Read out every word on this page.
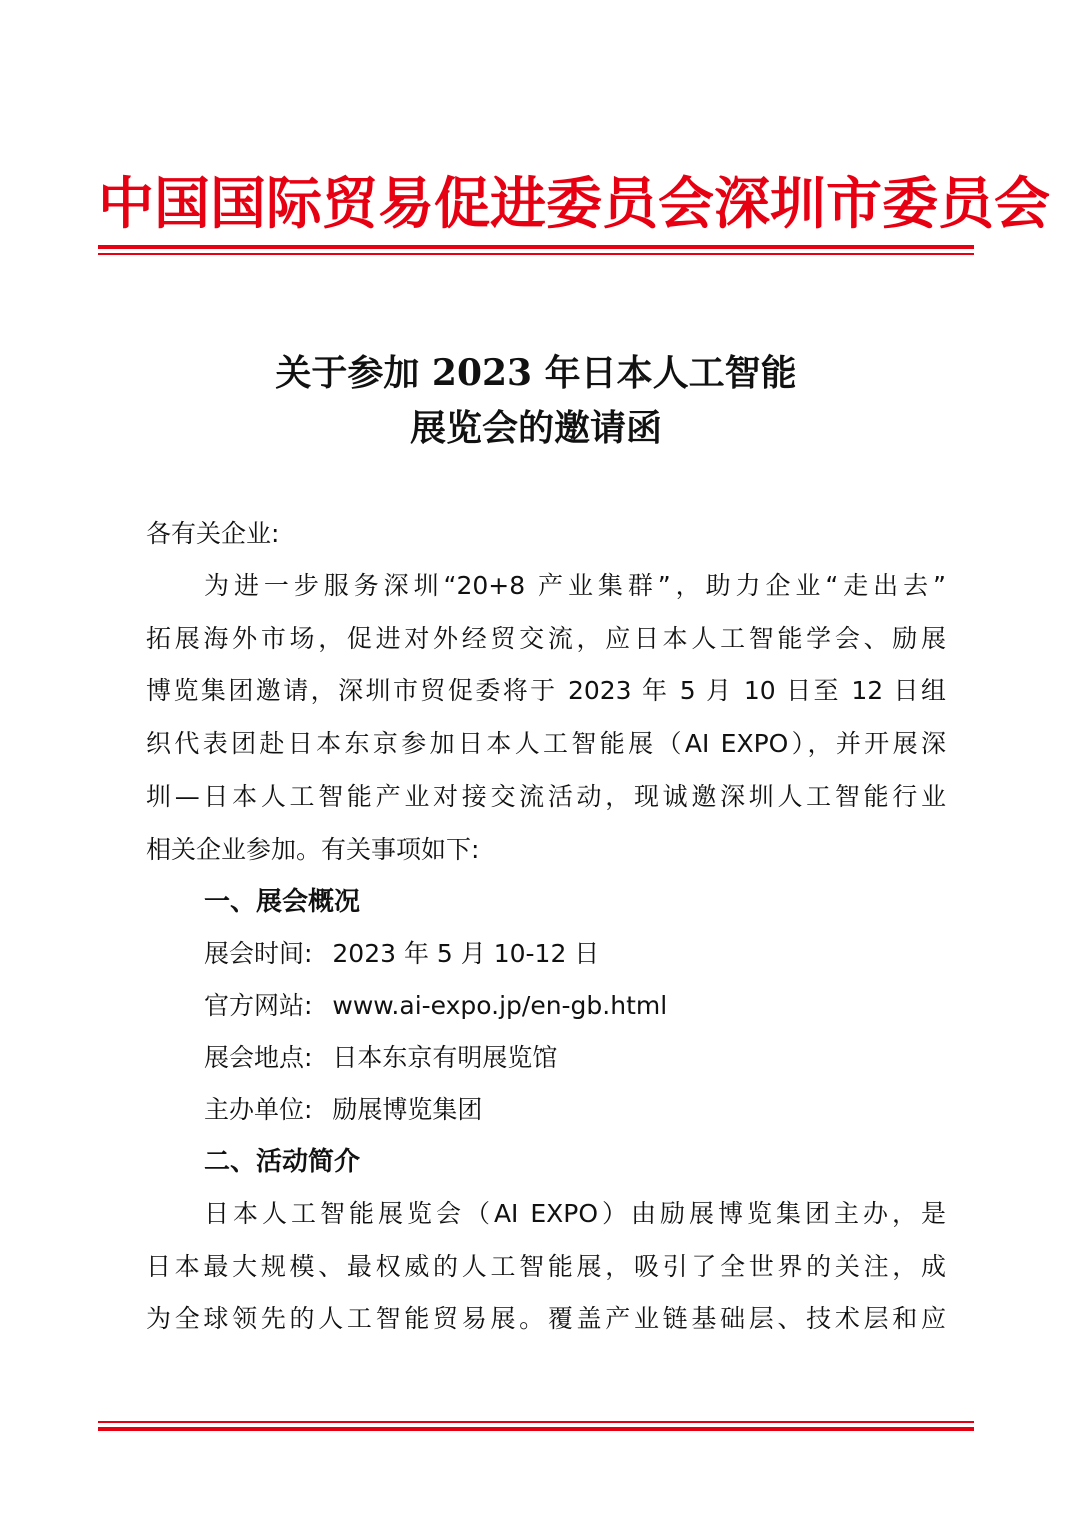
中国国际贸易促进委员会深圳市委员会
关于参加 2023 年日本人工智能
展览会的邀请函
各有关企业:
为进一步服务深圳“20+8 产业集群”，助力企业“走出去”
拓展海外市场，促进对外经贸交流，应日本人工智能学会、励展
博览集团邀请，深圳市贸促委将于 2023 年 5 月 10 日至 12 日组
织代表团赴日本东京参加日本人工智能展（AI EXPO），并开展深
圳—日本人工智能产业对接交流活动，现诚邀深圳人工智能行业
相关企业参加。有关事项如下:
一、展会概况
展会时间: 2023 年 5 月 10-12 日
官方网站: www.ai-expo.jp/en-gb.html
展会地点: 日本东京有明展览馆
主办单位: 励展博览集团
二、活动简介
日本人工智能展览会（AI EXPO）由励展博览集团主办，是
日本最大规模、最权威的人工智能展，吸引了全世界的关注，成
为全球领先的人工智能贸易展。覆盖产业链基础层、技术层和应
